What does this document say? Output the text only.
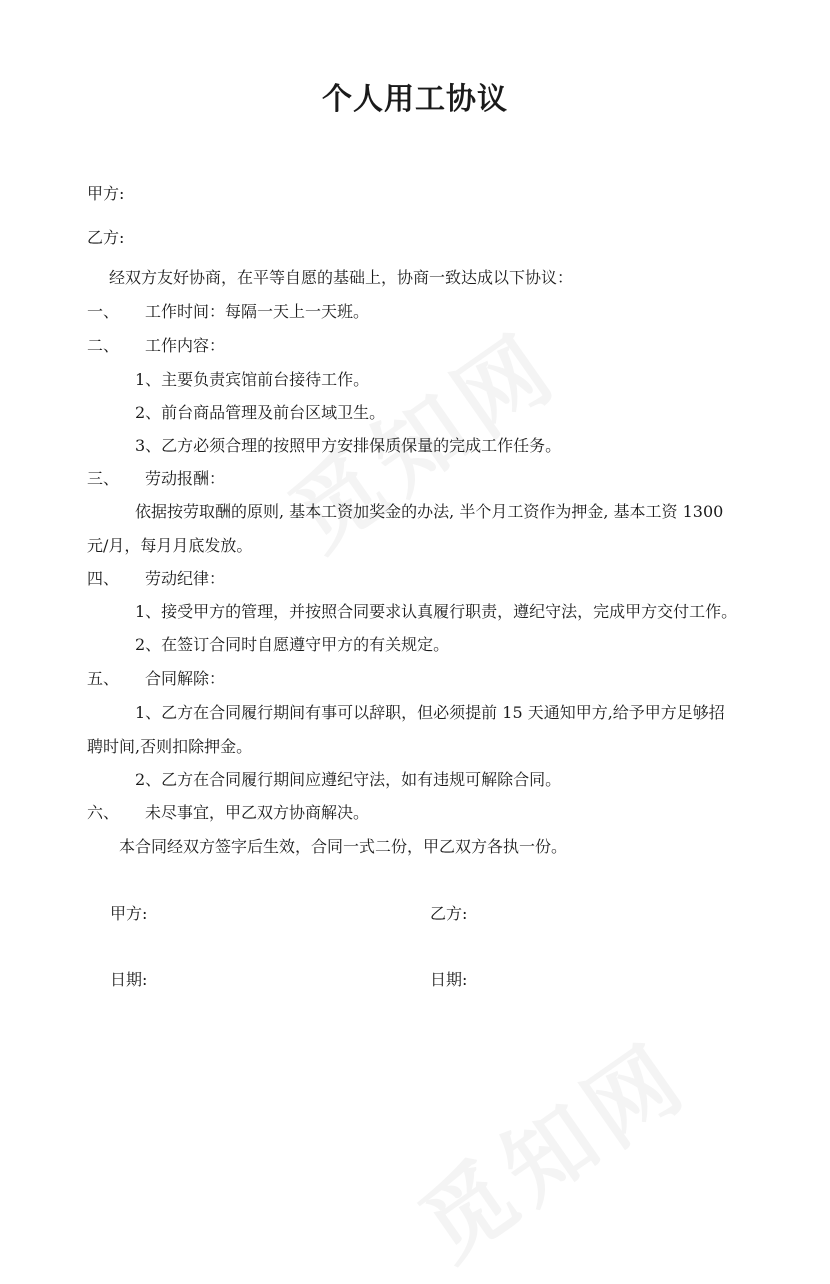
个人用工协议
甲方:
乙方:
经双方友好协商，在平等自愿的基础上，协商一致达成以下协议：
一、 工作时间：每隔一天上一天班。
二、 工作内容：
1、主要负责宾馆前台接待工作。
2、前台商品管理及前台区域卫生。
3、乙方必须合理的按照甲方安排保质保量的完成工作任务。
三、 劳动报酬：
依据按劳取酬的原则, 基本工资加奖金的办法, 半个月工资作为押金, 基本工资 1300
元/月，每月月底发放。
四、 劳动纪律：
1、接受甲方的管理，并按照合同要求认真履行职责，遵纪守法，完成甲方交付工作。
2、在签订合同时自愿遵守甲方的有关规定。
五、 合同解除：
1、乙方在合同履行期间有事可以辞职，但必须提前 15 天通知甲方,给予甲方足够招
聘时间,否则扣除押金。
2、乙方在合同履行期间应遵纪守法，如有违规可解除合同。
六、 未尽事宜，甲乙双方协商解决。
本合同经双方签字后生效，合同一式二份，甲乙双方各执一份。
甲方:	乙方:
日期:	日期:
